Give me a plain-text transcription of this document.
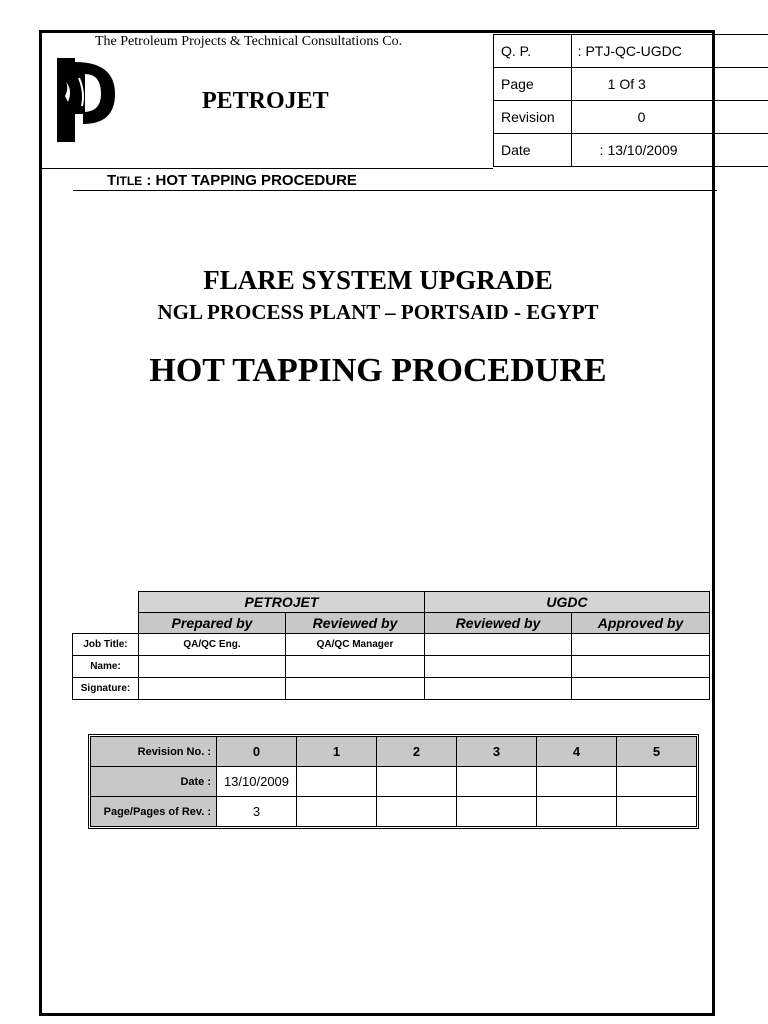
The Petroleum Projects & Technical Consultations Co.
PETROJET
Q. P.	: PTJ-QC-UGDC
Page	1 Of 3
Revision	0
Date	: 13/10/2009
TITLE : HOT TAPPING PROCEDURE
FLARE SYSTEM UPGRADE
NGL PROCESS PLANT – PORTSAID - EGYPT
HOT TAPPING PROCEDURE
	PETROJET		UGDC	
	Prepared by	Reviewed by	Reviewed by	Approved by
Job Title:	QA/QC Eng.	QA/QC Manager		
Name:				
Signature:				
Revision No. :	0	1	2	3	4	5
Date :	13/10/2009					
Page/Pages of Rev. :	3					
